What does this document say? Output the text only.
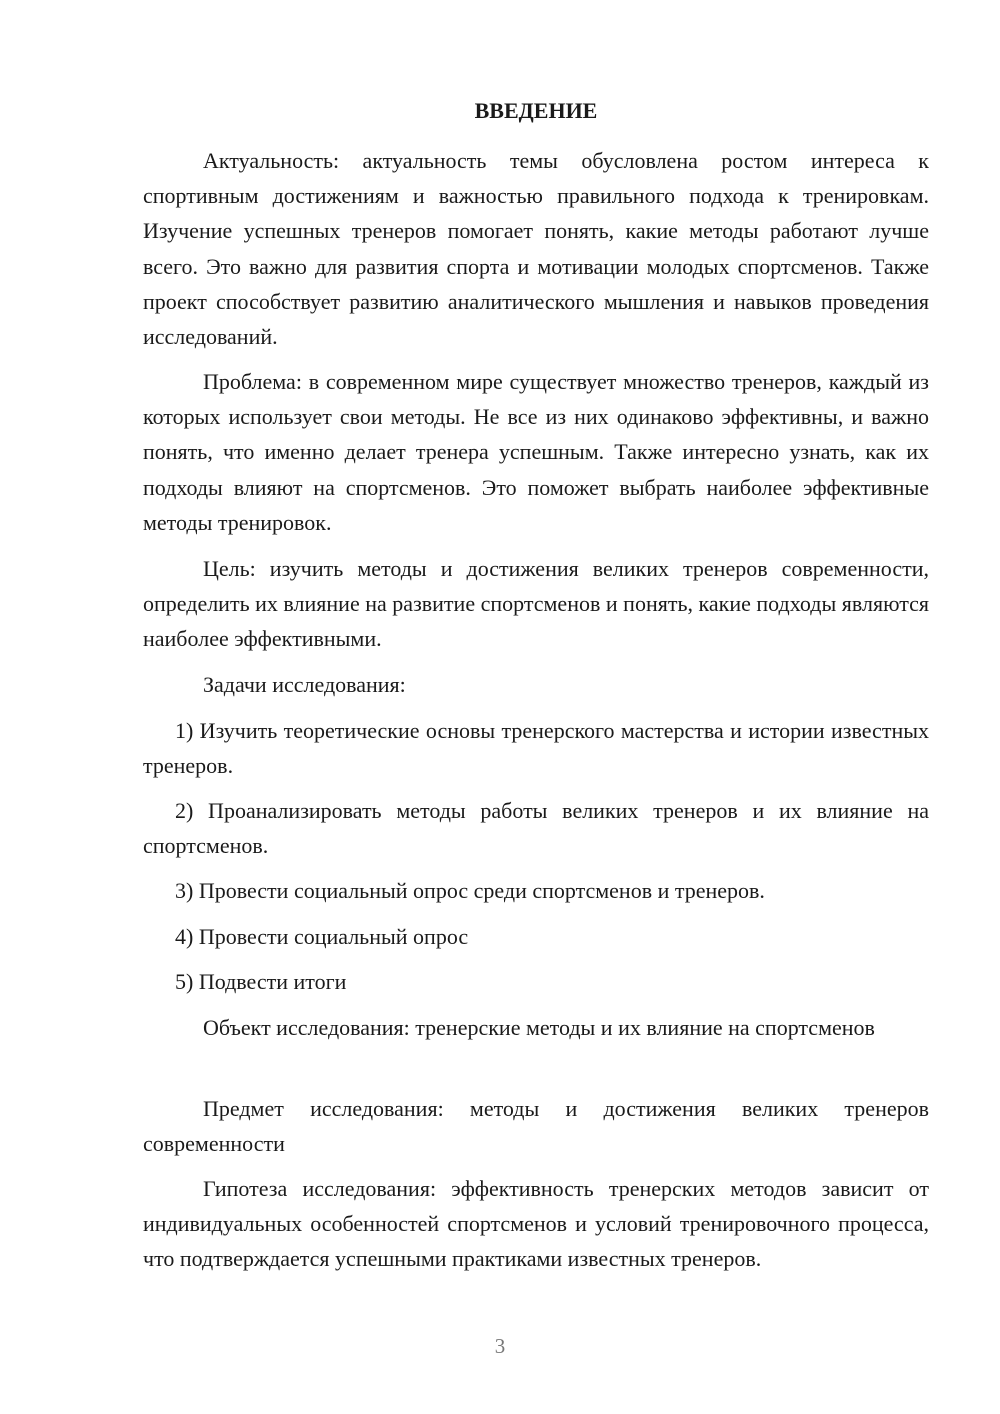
ВВЕДЕНИЕ

Актуальность: актуальность темы обусловлена ростом интереса к спортивным достижениям и важностью правильного подхода к тренировкам. Изучение успешных тренеров помогает понять, какие методы работают лучше всего. Это важно для развития спорта и мотивации молодых спортсменов. Также проект способствует развитию аналитического мышления и навыков проведения исследований.

Проблема: в современном мире существует множество тренеров, каждый из которых использует свои методы. Не все из них одинаково эффективны, и важно понять, что именно делает тренера успешным. Также интересно узнать, как их подходы влияют на спортсменов. Это поможет выбрать наиболее эффективные методы тренировок.

Цель: изучить методы и достижения великих тренеров современности, определить их влияние на развитие спортсменов и понять, какие подходы являются наиболее эффективными.

Задачи исследования:

1) Изучить теоретические основы тренерского мастерства и истории известных тренеров.

2) Проанализировать методы работы великих тренеров и их влияние на спортсменов.

3) Провести социальный опрос среди спортсменов и тренеров.

4) Провести социальный опрос

5) Подвести итоги

Объект исследования: тренерские методы и их влияние на спортсменов

Предмет исследования: методы и достижения великих тренеров современности

Гипотеза исследования: эффективность тренерских методов зависит от индивидуальных особенностей спортсменов и условий тренировочного процесса, что подтверждается успешными практиками известных тренеров.

3
